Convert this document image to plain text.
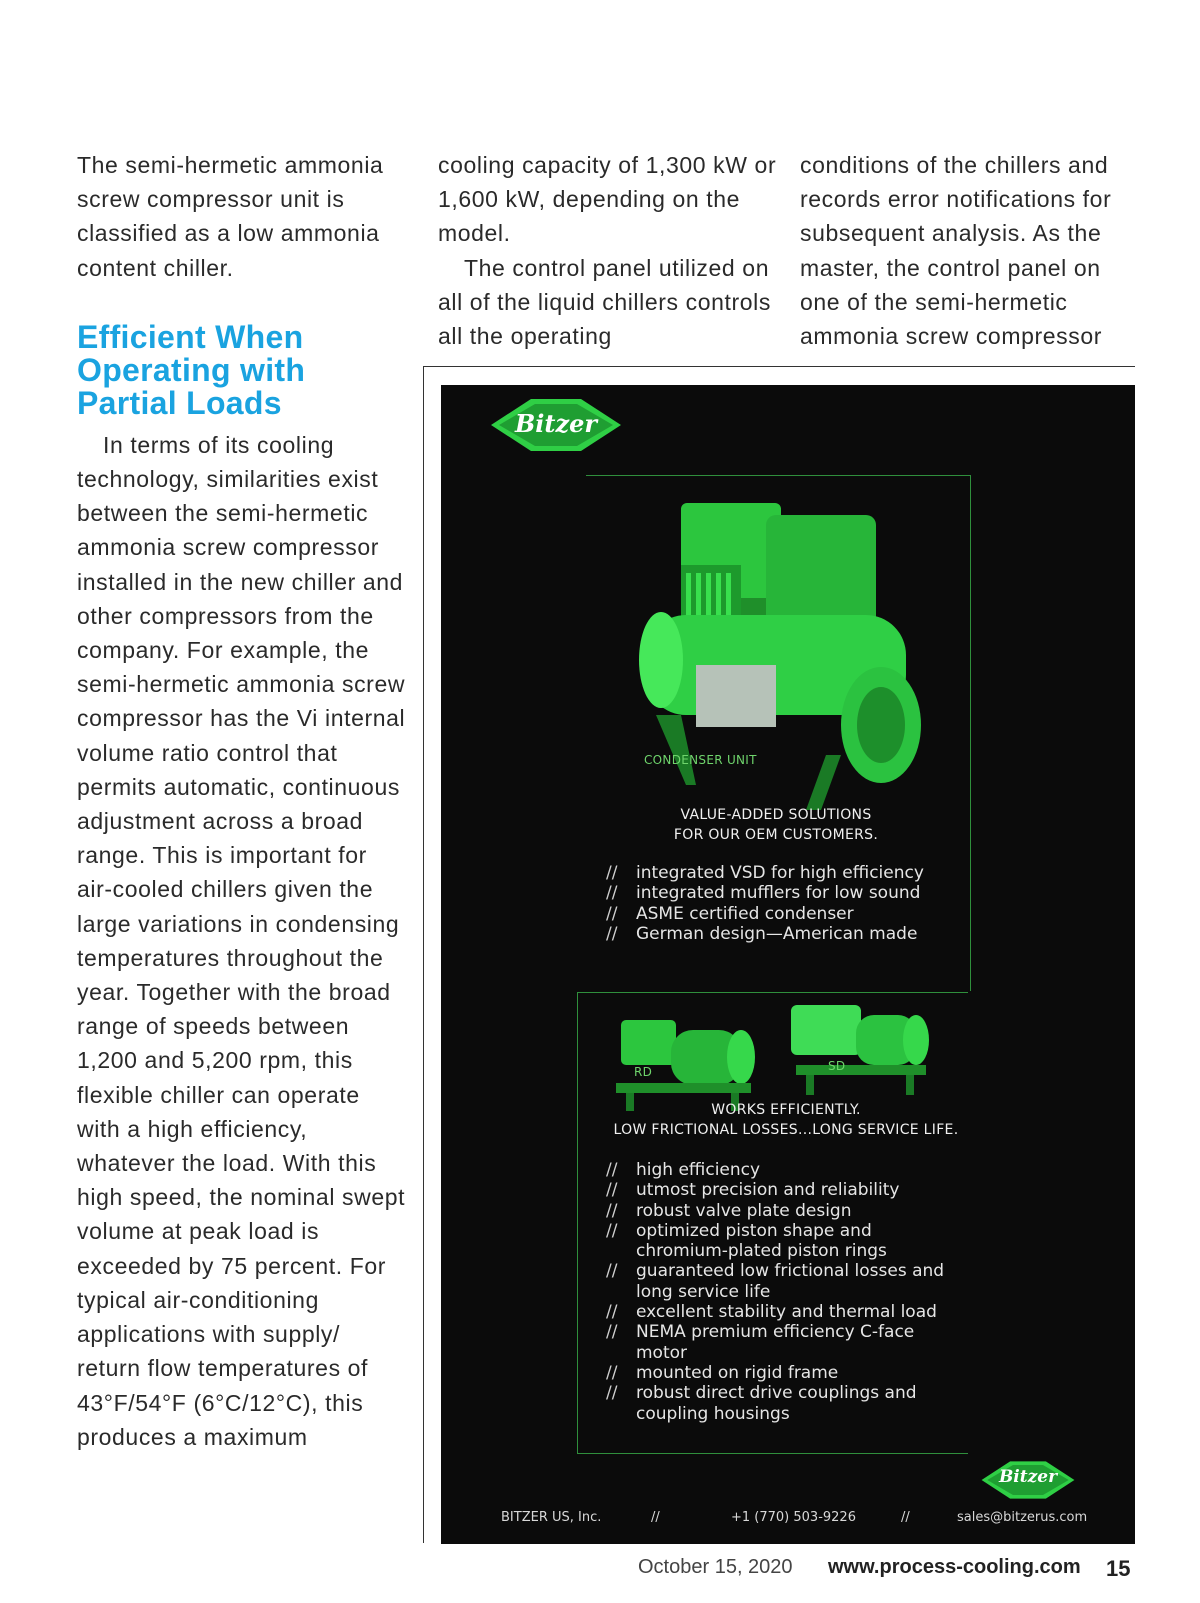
The semi-hermetic ammonia screw compressor unit is classified as a low ammonia content chiller.

Efficient When Operating with Partial Loads

In terms of its cooling technology, similarities exist between the semi-hermetic ammonia screw compressor installed in the new chiller and other compressors from the company. For example, the semi-hermetic ammonia screw compressor has the Vi internal volume ratio control that permits automatic, continuous adjustment across a broad range. This is important for air-cooled chillers given the large variations in condensing temperatures throughout the year. Together with the broad range of speeds between 1,200 and 5,200 rpm, this flexible chiller can operate with a high efficiency, whatever the load. With this high speed, the nominal swept volume at peak load is exceeded by 75 percent. For typical air-conditioning applications with supply/ return flow temperatures of 43°F/54°F (6°C/12°C), this produces a maximum

cooling capacity of 1,300 kW or 1,600 kW, depending on the model.

The control panel utilized on all of the liquid chillers controls all the operating

conditions of the chillers and records error notifications for subsequent analysis. As the master, the control panel on one of the semi-hermetic ammonia screw compressor

Bitzer
CONDENSER UNIT
VALUE-ADDED SOLUTIONS
FOR OUR OEM CUSTOMERS.
// integrated VSD for high efficiency
// integrated mufflers for low sound
// ASME certified condenser
// German design—American made
RD	SD
WORKS EFFICIENTLY.
LOW FRICTIONAL LOSSES...LONG SERVICE LIFE.
// high efficiency
// utmost precision and reliability
// robust valve plate design
// optimized piston shape and chromium-plated piston rings
// guaranteed low frictional losses and long service life
// excellent stability and thermal load
// NEMA premium efficiency C-face motor
// mounted on rigid frame
// robust direct drive couplings and coupling housings
Bitzer
BITZER US, Inc.	//	+1 (770) 503-9226	//	sales@bitzerus.com
October 15, 2020 www.process-cooling.com 15
